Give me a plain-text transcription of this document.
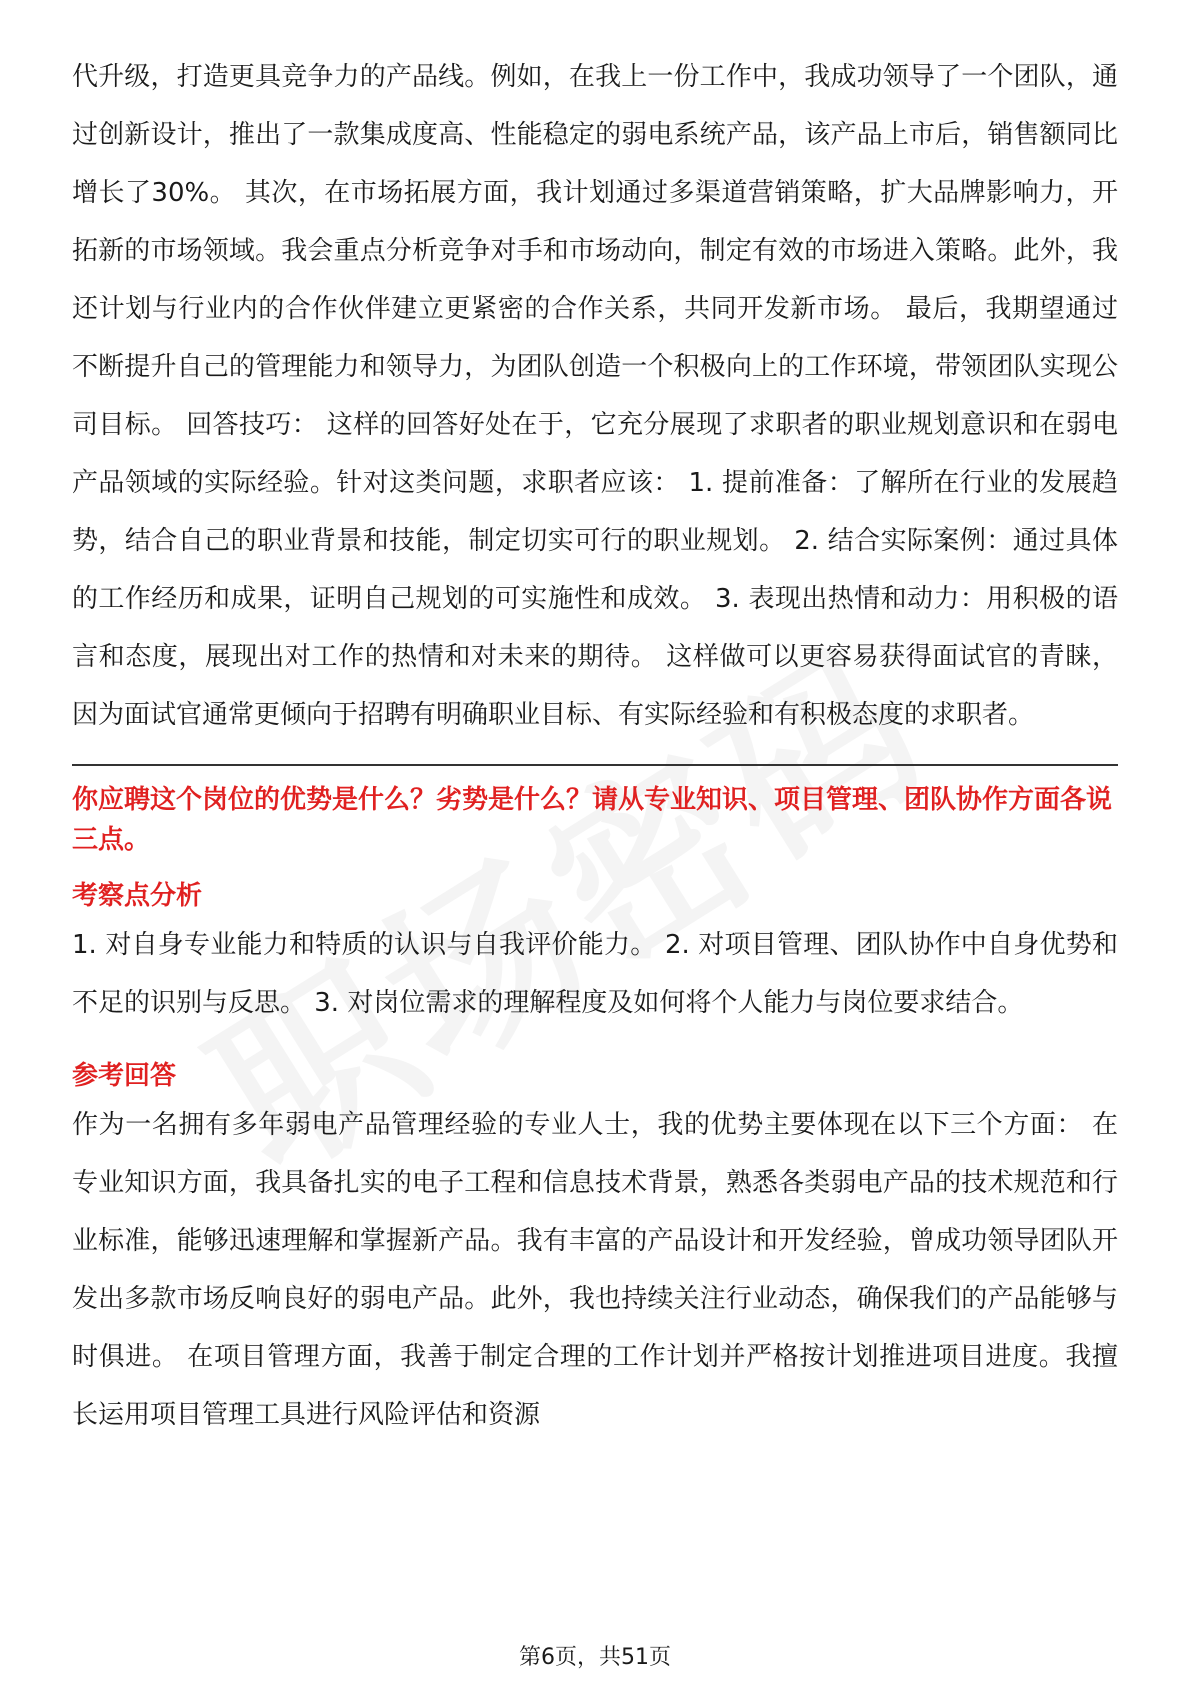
代升级，打造更具竞争力的产品线。例如，在我上一份工作中，我成功领导了一个团队，通过创新设计，推出了一款集成度高、性能稳定的弱电系统产品，该产品上市后，销售额同比增长了30%。 其次，在市场拓展方面，我计划通过多渠道营销策略，扩大品牌影响力，开拓新的市场领域。我会重点分析竞争对手和市场动向，制定有效的市场进入策略。此外，我还计划与行业内的合作伙伴建立更紧密的合作关系，共同开发新市场。 最后，我期望通过不断提升自己的管理能力和领导力，为团队创造一个积极向上的工作环境，带领团队实现公司目标。 回答技巧： 这样的回答好处在于，它充分展现了求职者的职业规划意识和在弱电产品领域的实际经验。针对这类问题，求职者应该： 1. 提前准备：了解所在行业的发展趋势，结合自己的职业背景和技能，制定切实可行的职业规划。 2. 结合实际案例：通过具体的工作经历和成果，证明自己规划的可实施性和成效。 3. 表现出热情和动力：用积极的语言和态度，展现出对工作的热情和对未来的期待。 这样做可以更容易获得面试官的青睐，因为面试官通常更倾向于招聘有明确职业目标、有实际经验和有积极态度的求职者。

你应聘这个岗位的优势是什么？劣势是什么？请从专业知识、项目管理、团队协作方面各说三点。

考察点分析

1. 对自身专业能力和特质的认识与自我评价能力。 2. 对项目管理、团队协作中自身优势和不足的识别与反思。 3. 对岗位需求的理解程度及如何将个人能力与岗位要求结合。

参考回答

作为一名拥有多年弱电产品管理经验的专业人士，我的优势主要体现在以下三个方面： 在专业知识方面，我具备扎实的电子工程和信息技术背景，熟悉各类弱电产品的技术规范和行业标准，能够迅速理解和掌握新产品。我有丰富的产品设计和开发经验，曾成功领导团队开发出多款市场反响良好的弱电产品。此外，我也持续关注行业动态，确保我们的产品能够与时俱进。 在项目管理方面，我善于制定合理的工作计划并严格按计划推进项目进度。我擅长运用项目管理工具进行风险评估和资源

第6页，共51页
